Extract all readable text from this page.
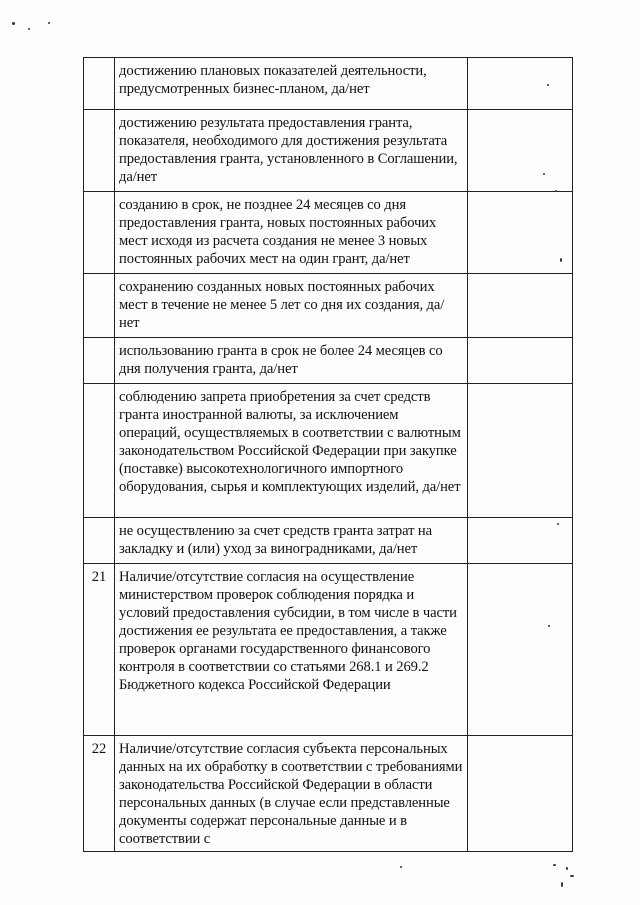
	достижению плановых показателей деятельности, предусмотренных бизнес-планом, да/нет	

	достижению результата предоставления гранта, показателя, необходимого для достижения результата предоставления гранта, установленного в Соглашении, да/нет	

	созданию в срок, не позднее 24 месяцев со дня предоставления гранта, новых постоянных рабочих мест исходя из расчета создания не менее 3 новых постоянных рабочих мест на один грант, да/нет	

	сохранению созданных новых постоянных рабочих мест в течение не менее 5 лет со дня их создания, да/нет	

	использованию гранта в срок не более 24 месяцев со дня получения гранта, да/нет	

	соблюдению запрета приобретения за счет средств гранта иностранной валюты, за исключением операций, осуществляемых в соответствии с валютным законодательством Российской Федерации при закупке (поставке) высокотехнологичного импортного оборудования, сырья и комплектующих изделий, да/нет	

	не осуществлению за счет средств гранта затрат на закладку и (или) уход за виноградниками, да/нет	

21	Наличие/отсутствие согласия на осуществление министерством проверок соблюдения порядка и условий предоставления субсидии, в том числе в части достижения ее результата ее предоставления, а также проверок органами государственного финансового контроля в соответствии со статьями 268.1 и 269.2 Бюджетного кодекса Российской Федерации	

22	Наличие/отсутствие согласия субъекта персональных данных на их обработку в соответствии с требованиями законодательства Российской Федерации в области персональных данных (в случае если представленные документы содержат персональные данные и в соответствии с	
